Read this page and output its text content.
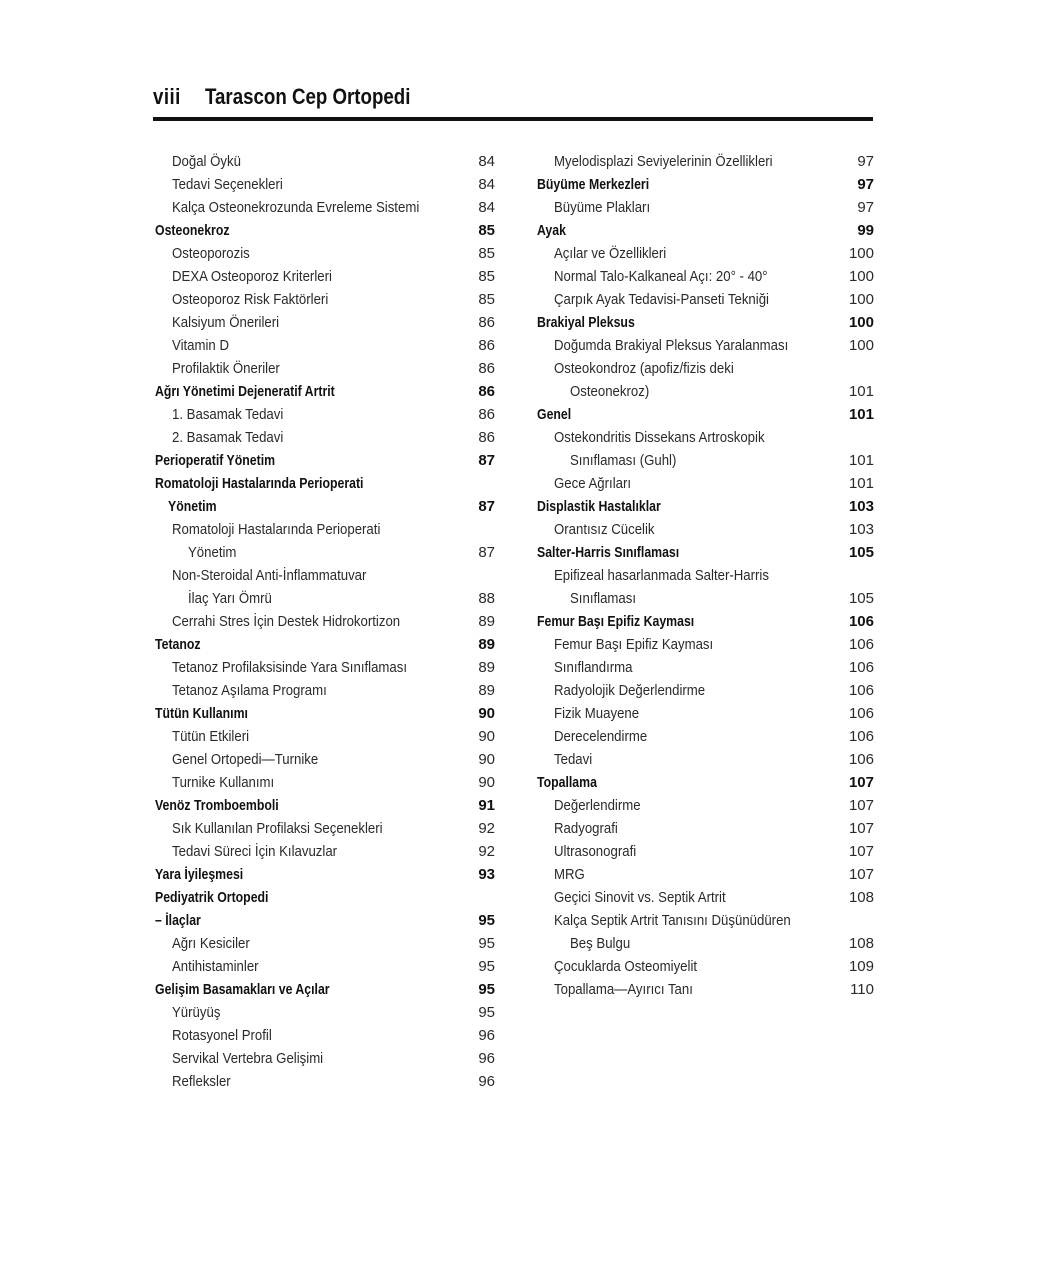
viii Tarascon Cep Ortopedi
Doğal Öykü	84
Tedavi Seçenekleri	84
Kalça Osteonekrozunda Evreleme Sistemi	84
Osteonekroz	85
Osteoporozis	85
DEXA Osteoporoz Kriterleri	85
Osteoporoz Risk Faktörleri	85
Kalsiyum Önerileri	86
Vitamin D	86
Profilaktik Öneriler	86
Ağrı Yönetimi Dejeneratif Artrit	86
1. Basamak Tedavi	86
2. Basamak Tedavi	86
Perioperatif Yönetim	87
Romatoloji Hastalarında Perioperati
Yönetim	87
Romatoloji Hastalarında Perioperati
Yönetim	87
Non-Steroidal Anti-İnflammatuvar
İlaç Yarı Ömrü	88
Cerrahi Stres İçin Destek Hidrokortizon	89
Tetanoz	89
Tetanoz Profilaksisinde Yara Sınıflaması	89
Tetanoz Aşılama Programı	89
Tütün Kullanımı	90
Tütün Etkileri	90
Genel Ortopedi—Turnike	90
Turnike Kullanımı	90
Venöz Tromboemboli	91
Sık Kullanılan Profilaksi Seçenekleri	92
Tedavi Süreci İçin Kılavuzlar	92
Yara İyileşmesi	93
Pediyatrik Ortopedi
– İlaçlar	95
Ağrı Kesiciler	95
Antihistaminler	95
Gelişim Basamakları ve Açılar	95
Yürüyüş	95
Rotasyonel Profil	96
Servikal Vertebra Gelişimi	96
Refleksler	96
Myelodisplazi Seviyelerinin Özellikleri	97
Büyüme Merkezleri	97
Büyüme Plakları	97
Ayak	99
Açılar ve Özellikleri	100
Normal Talo-Kalkaneal Açı: 20° - 40°	100
Çarpık Ayak Tedavisi-Panseti Tekniği	100
Brakiyal Pleksus	100
Doğumda Brakiyal Pleksus Yaralanması	100
Osteokondroz (apofiz/fizis deki
Osteonekroz)	101
Genel	101
Ostekondritis Dissekans Artroskopik
Sınıflaması (Guhl)	101
Gece Ağrıları	101
Displastik Hastalıklar	103
Orantısız Cücelik	103
Salter-Harris Sınıflaması	105
Epifizeal hasarlanmada Salter-Harris
Sınıflaması	105
Femur Başı Epifiz Kayması	106
Femur Başı Epifiz Kayması	106
Sınıflandırma	106
Radyolojik Değerlendirme	106
Fizik Muayene	106
Derecelendirme	106
Tedavi	106
Topallama	107
Değerlendirme	107
Radyografi	107
Ultrasonografi	107
MRG	107
Geçici Sinovit vs. Septik Artrit	108
Kalça Septik Artrit Tanısını Düşünüdüren
Beş Bulgu	108
Çocuklarda Osteomiyelit	109
Topallama—Ayırıcı Tanı	110
